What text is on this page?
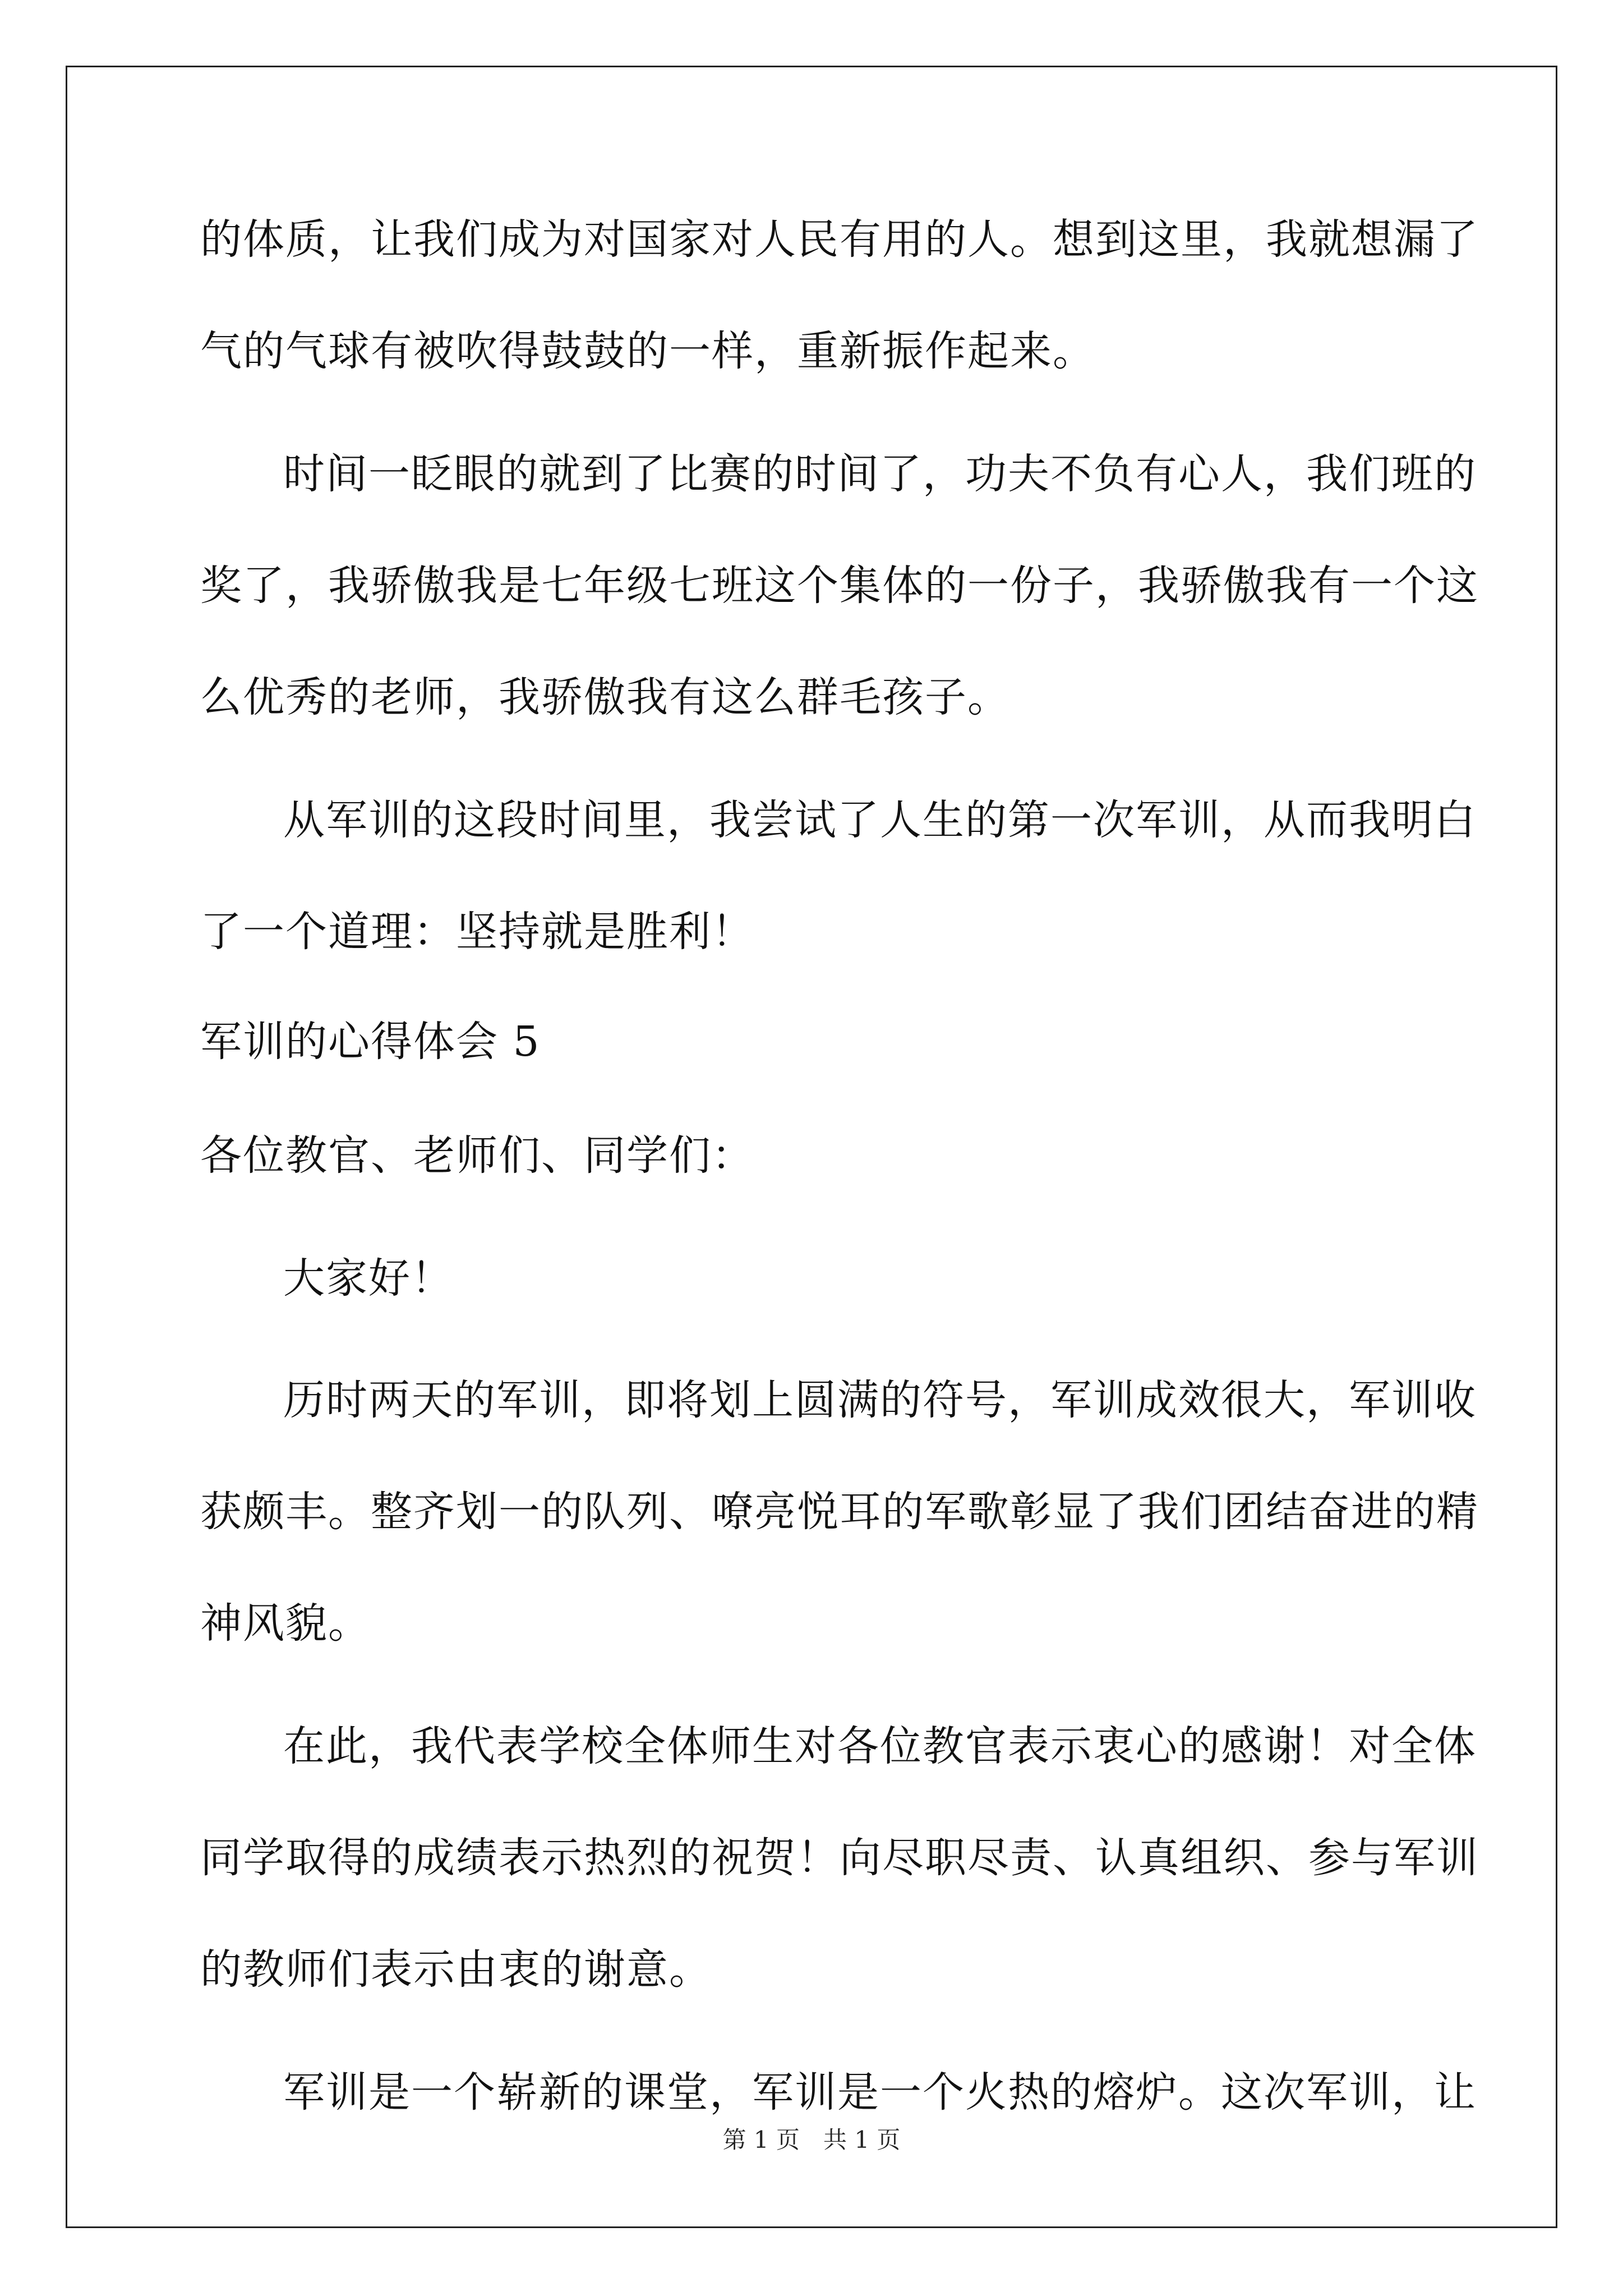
的体质，让我们成为对国家对人民有用的人。想到这里，我就想漏了
气的气球有被吹得鼓鼓的一样，重新振作起来。
时间一眨眼的就到了比赛的时间了，功夫不负有心人，我们班的
奖了，我骄傲我是七年级七班这个集体的一份子，我骄傲我有一个这
么优秀的老师，我骄傲我有这么群毛孩子。
从军训的这段时间里，我尝试了人生的第一次军训，从而我明白
了一个道理：坚持就是胜利！
军训的心得体会 5
各位教官、老师们、同学们：
大家好！
历时两天的军训，即将划上圆满的符号，军训成效很大，军训收
获颇丰。整齐划一的队列、嘹亮悦耳的军歌彰显了我们团结奋进的精
神风貌。
在此，我代表学校全体师生对各位教官表示衷心的感谢！对全体
同学取得的成绩表示热烈的祝贺！向尽职尽责、认真组织、参与军训
的教师们表示由衷的谢意。
军训是一个崭新的课堂，军训是一个火热的熔炉。这次军训，让
第 1 页　共 1 页
